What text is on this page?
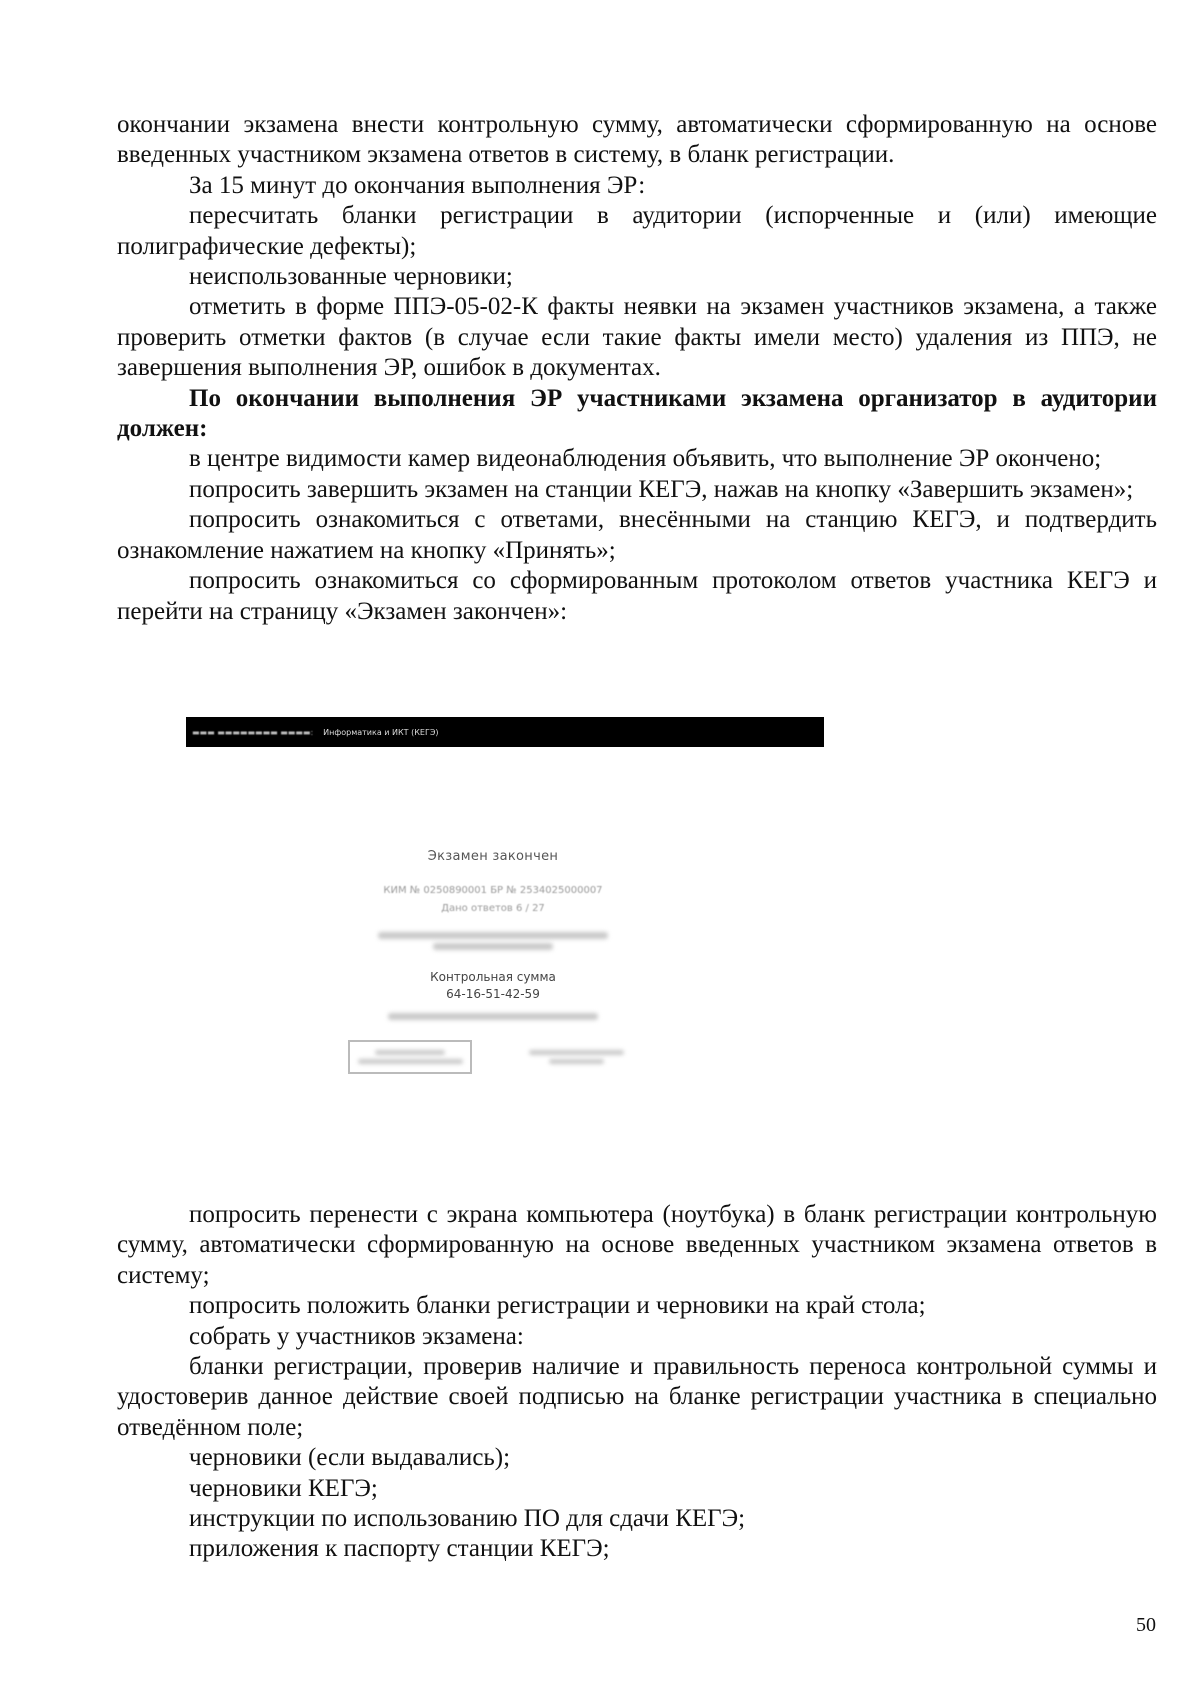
окончании экзамена внести контрольную сумму, автоматически сформированную на основе введенных участником экзамена ответов в систему, в бланк регистрации.

За 15 минут до окончания выполнения ЭР:

пересчитать бланки регистрации в аудитории (испорченные и (или) имеющие полиграфические дефекты);

неиспользованные черновики;

отметить в форме ППЭ-05-02-К факты неявки на экзамен участников экзамена, а также проверить отметки фактов (в случае если такие факты имели место) удаления из ППЭ, не завершения выполнения ЭР, ошибок в документах.

По окончании выполнения ЭР участниками экзамена организатор в аудитории должен:

в центре видимости камер видеонаблюдения объявить, что выполнение ЭР окончено;

попросить завершить экзамен на станции КЕГЭ, нажав на кнопку «Завершить экзамен»;

попросить ознакомиться с ответами, внесёнными на станцию КЕГЭ, и подтвердить ознакомление нажатием на кнопку «Принять»;

попросить ознакомиться со сформированным протоколом ответов участника КЕГЭ и перейти на страницу «Экзамен закончен»:

▬▬▬ ▬▬▬▬▬▬▬▬ ▬▬▬▬: Информатика и ИКТ (КЕГЭ)
Экзамен закончен
КИМ № 0250890001 БР № 2534025000007
Дано ответов 6 / 27
Контрольная сумма
64-16-51-42-59

попросить перенести с экрана компьютера (ноутбука) в бланк регистрации контрольную сумму, автоматически сформированную на основе введенных участником экзамена ответов в систему;

попросить положить бланки регистрации и черновики на край стола;

собрать у участников экзамена:

бланки регистрации, проверив наличие и правильность переноса контрольной суммы и удостоверив данное действие своей подписью на бланке регистрации участника в специально отведённом поле;

черновики (если выдавались);

черновики КЕГЭ;

инструкции по использованию ПО для сдачи КЕГЭ;

приложения к паспорту станции КЕГЭ;

50
